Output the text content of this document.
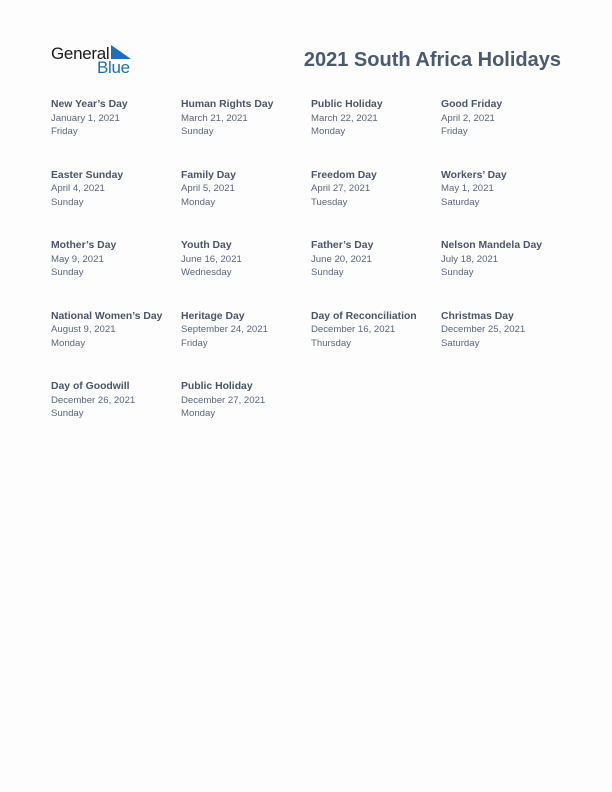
General
Blue	2021 South Africa Holidays
New Year’s Day
January 1, 2021
Friday
Human Rights Day
March 21, 2021
Sunday
Public Holiday
March 22, 2021
Monday
Good Friday
April 2, 2021
Friday
Easter Sunday
April 4, 2021
Sunday
Family Day
April 5, 2021
Monday
Freedom Day
April 27, 2021
Tuesday
Workers’ Day
May 1, 2021
Saturday
Mother’s Day
May 9, 2021
Sunday
Youth Day
June 16, 2021
Wednesday
Father’s Day
June 20, 2021
Sunday
Nelson Mandela Day
July 18, 2021
Sunday
National Women’s Day
August 9, 2021
Monday
Heritage Day
September 24, 2021
Friday
Day of Reconciliation
December 16, 2021
Thursday
Christmas Day
December 25, 2021
Saturday
Day of Goodwill
December 26, 2021
Sunday
Public Holiday
December 27, 2021
Monday
